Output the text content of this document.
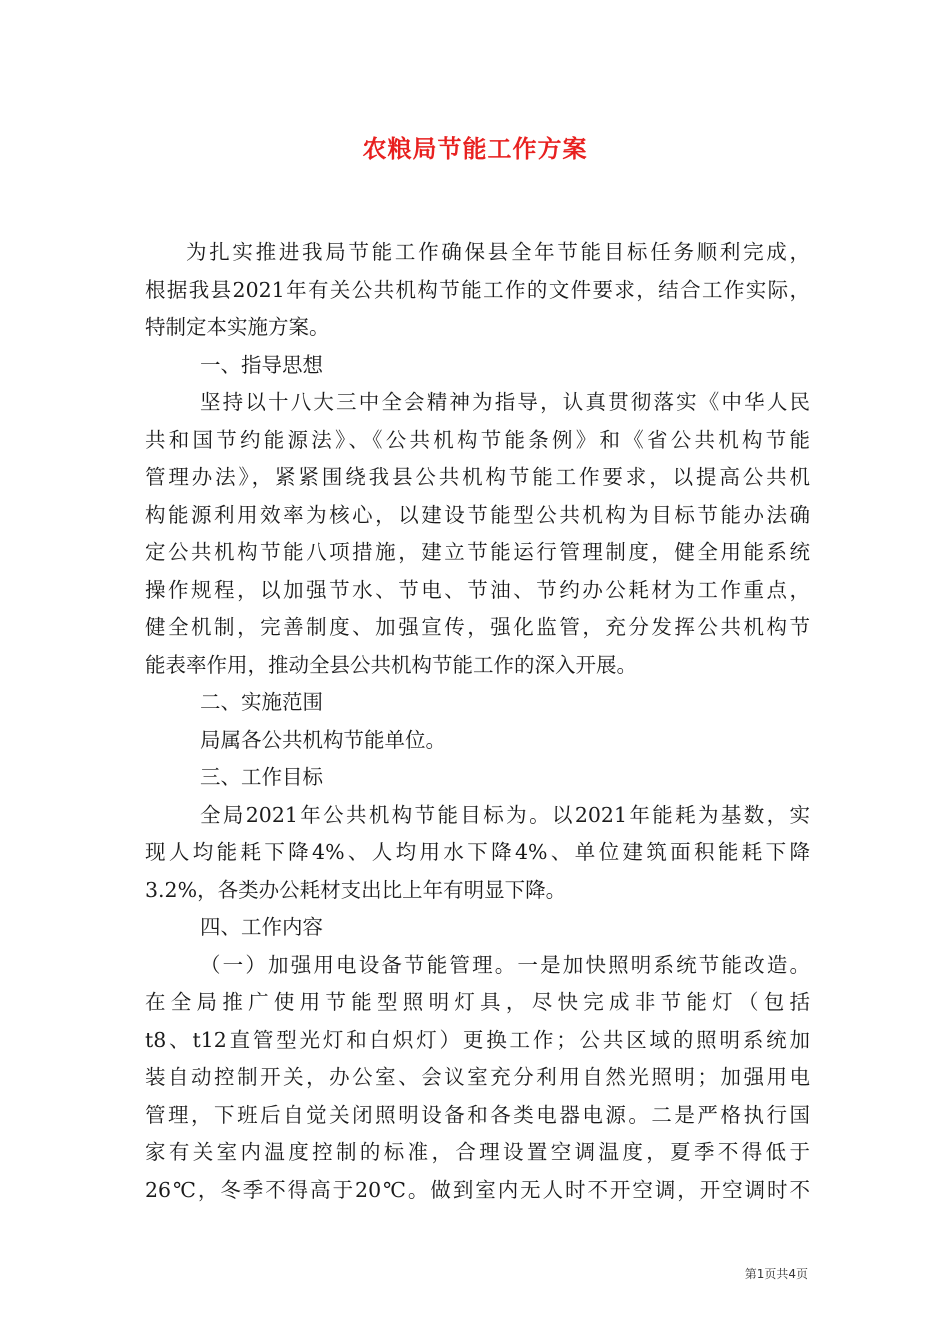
农粮局节能工作方案
为扎实推进我局节能工作确保县全年节能目标任务顺利完成，
根据我县2021年有关公共机构节能工作的文件要求，结合工作实际，
特制定本实施方案。
一、指导思想
坚持以十八大三中全会精神为指导，认真贯彻落实《中华人民
共和国节约能源法》、《公共机构节能条例》和《省公共机构节能
管理办法》，紧紧围绕我县公共机构节能工作要求，以提高公共机
构能源利用效率为核心，以建设节能型公共机构为目标节能办法确
定公共机构节能八项措施，建立节能运行管理制度，健全用能系统
操作规程，以加强节水、节电、节油、节约办公耗材为工作重点，
健全机制，完善制度、加强宣传，强化监管，充分发挥公共机构节
能表率作用，推动全县公共机构节能工作的深入开展。
二、实施范围
局属各公共机构节能单位。
三、工作目标
全局2021年公共机构节能目标为。以2021年能耗为基数，实
现人均能耗下降4%、人均用水下降4%、单位建筑面积能耗下降
3.2%，各类办公耗材支出比上年有明显下降。
四、工作内容
（一）加强用电设备节能管理。一是加快照明系统节能改造。
在全局推广使用节能型照明灯具，尽快完成非节能灯（包括
t8、t12直管型光灯和白炽灯）更换工作；公共区域的照明系统加
装自动控制开关，办公室、会议室充分利用自然光照明；加强用电
管理，下班后自觉关闭照明设备和各类电器电源。二是严格执行国
家有关室内温度控制的标准，合理设置空调温度，夏季不得低于
26℃，冬季不得高于20℃。做到室内无人时不开空调，开空调时不
第1页共4页
